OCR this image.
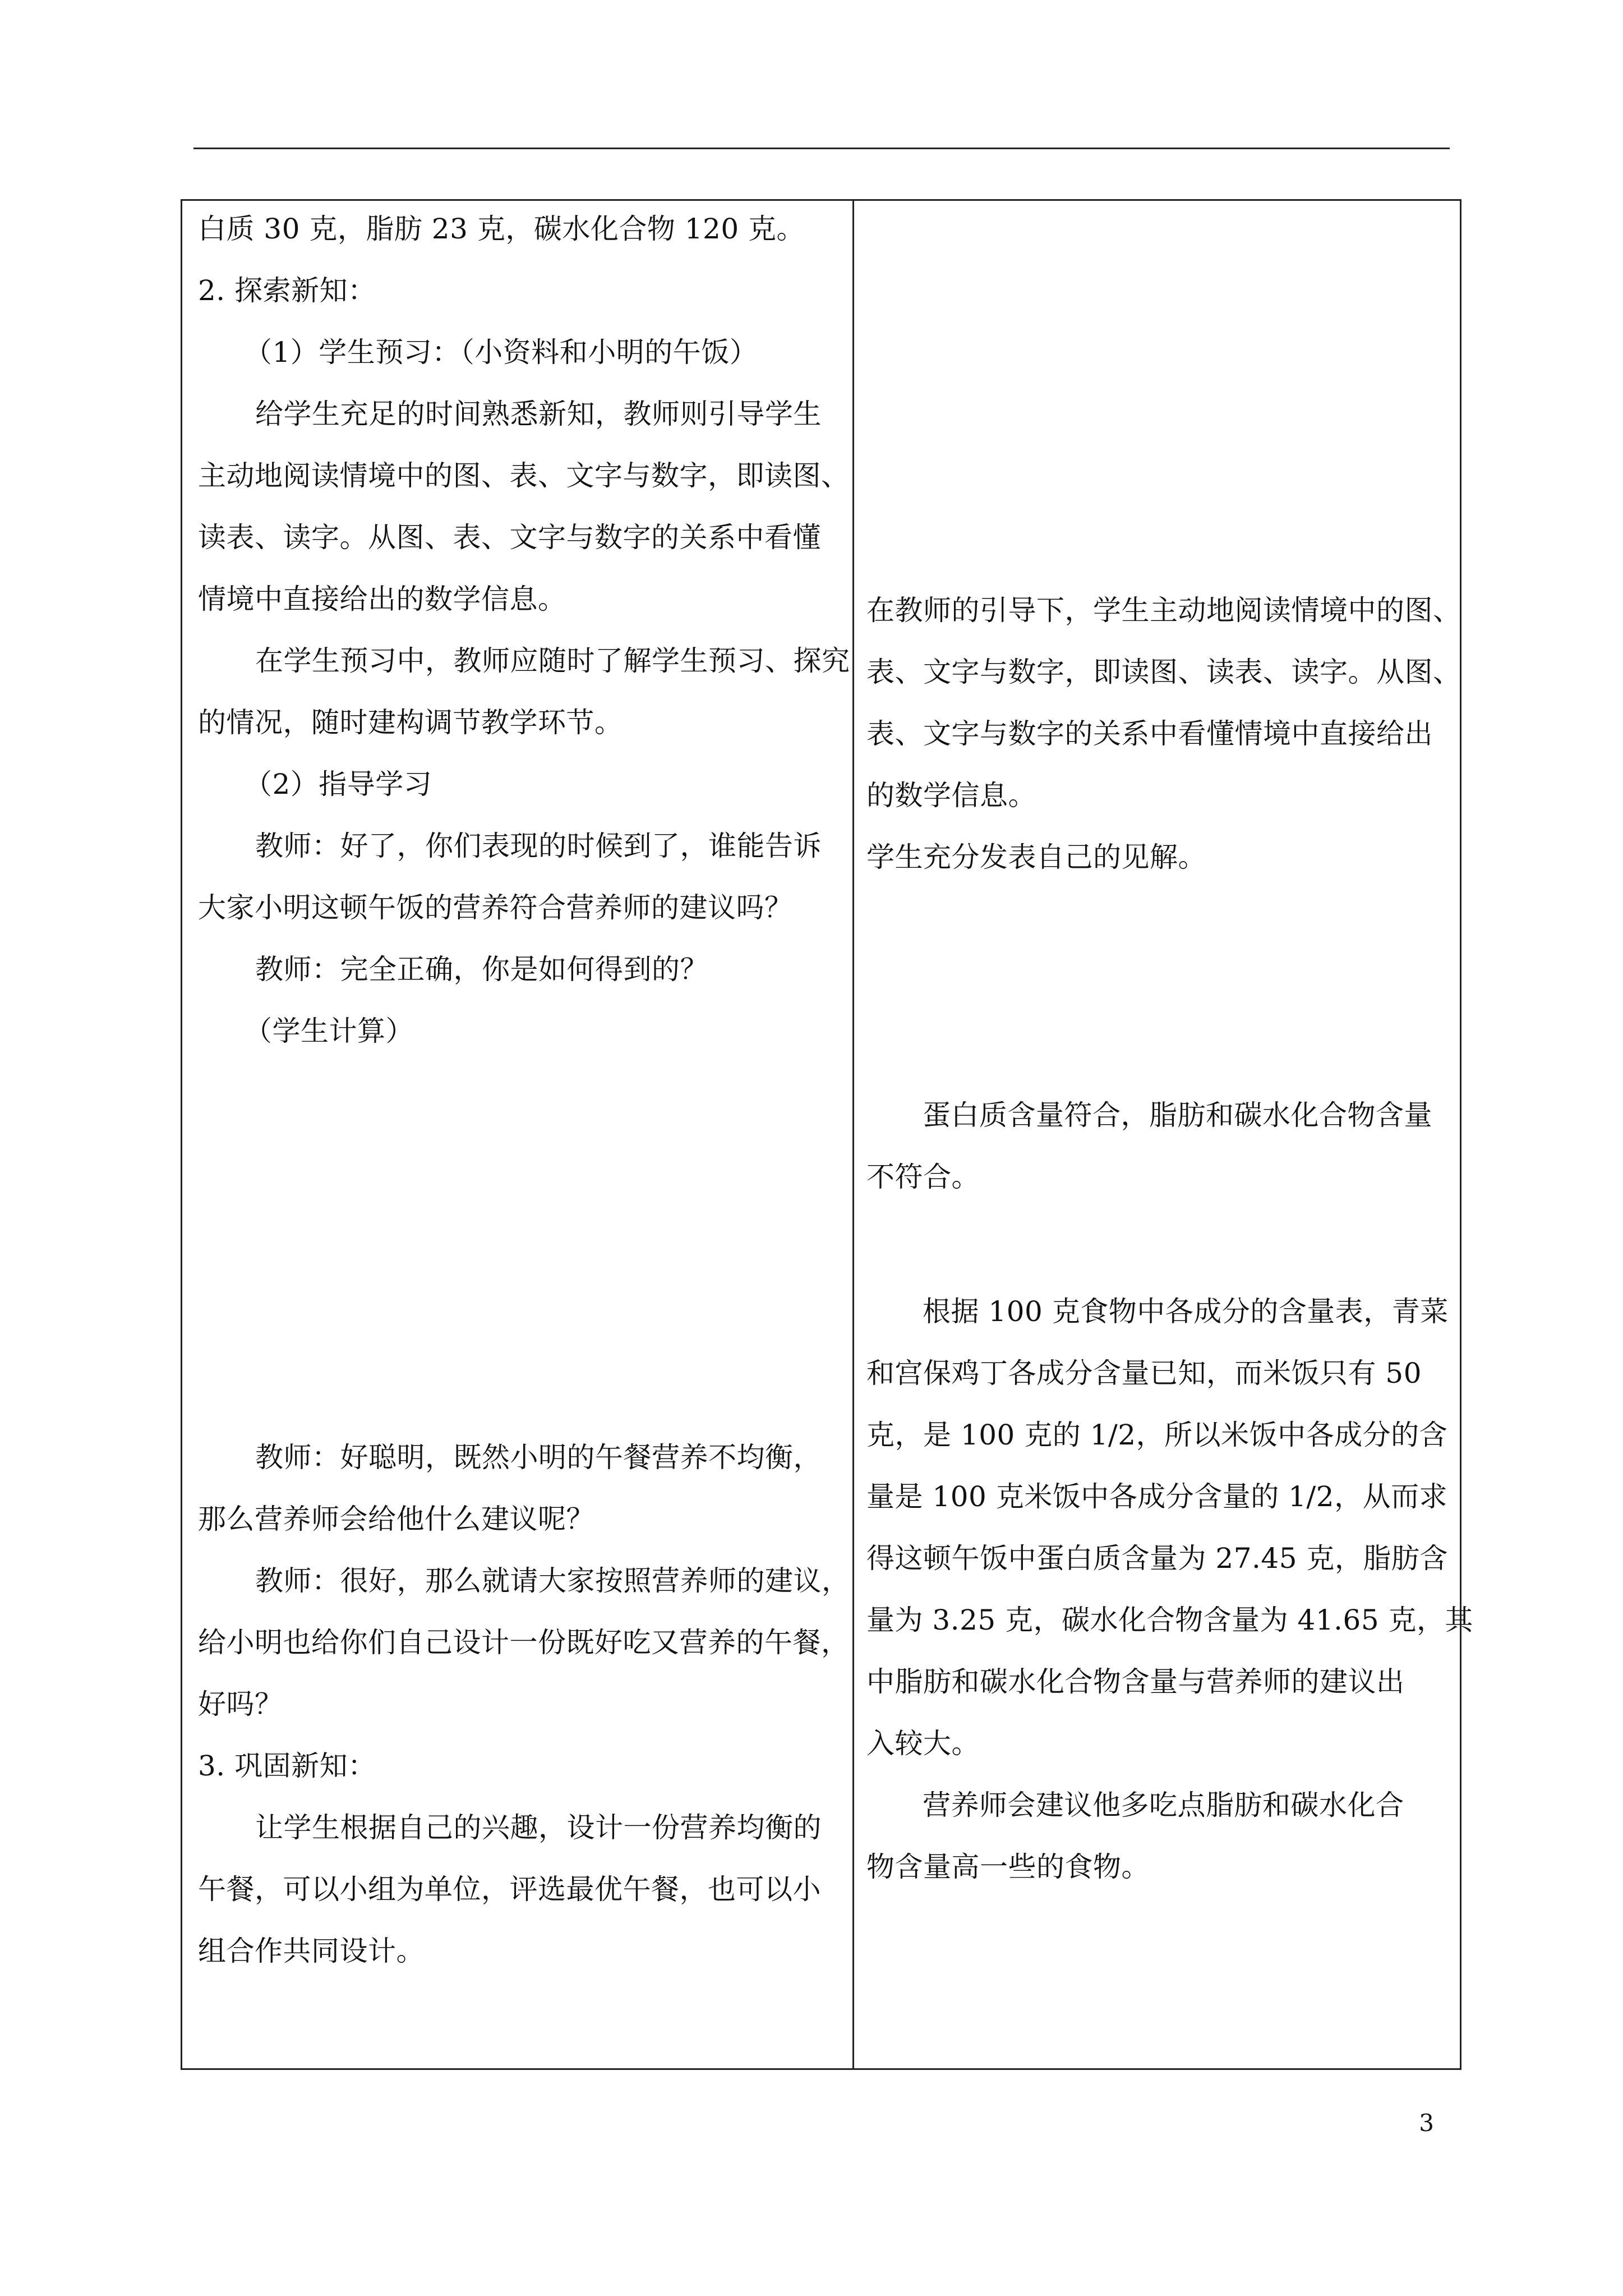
白质 30 克，脂肪 23 克，碳水化合物 120 克。
2. 探索新知：
（1）学生预习：（小资料和小明的午饭）
给学生充足的时间熟悉新知，教师则引导学生
主动地阅读情境中的图、表、文字与数字，即读图、
读表、读字。从图、表、文字与数字的关系中看懂
情境中直接给出的数学信息。
在学生预习中，教师应随时了解学生预习、探究
的情况，随时建构调节教学环节。
（2）指导学习
教师：好了，你们表现的时候到了，谁能告诉
大家小明这顿午饭的营养符合营养师的建议吗？
教师：完全正确，你是如何得到的？
（学生计算）
教师：好聪明，既然小明的午餐营养不均衡，
那么营养师会给他什么建议呢？
教师：很好，那么就请大家按照营养师的建议，
给小明也给你们自己设计一份既好吃又营养的午餐，
好吗？
3. 巩固新知：
让学生根据自己的兴趣，设计一份营养均衡的
午餐，可以小组为单位，评选最优午餐，也可以小
组合作共同设计。
在教师的引导下，学生主动地阅读情境中的图、
表、文字与数字，即读图、读表、读字。从图、
表、文字与数字的关系中看懂情境中直接给出
的数学信息。
学生充分发表自己的见解。
蛋白质含量符合，脂肪和碳水化合物含量
不符合。
根据 100 克食物中各成分的含量表，青菜
和宫保鸡丁各成分含量已知，而米饭只有 50
克，是 100 克的 1/2，所以米饭中各成分的含
量是 100 克米饭中各成分含量的 1/2，从而求
得这顿午饭中蛋白质含量为 27.45 克，脂肪含
量为 3.25 克，碳水化合物含量为 41.65 克，其
中脂肪和碳水化合物含量与营养师的建议出
入较大。
营养师会建议他多吃点脂肪和碳水化合
物含量高一些的食物。
3
